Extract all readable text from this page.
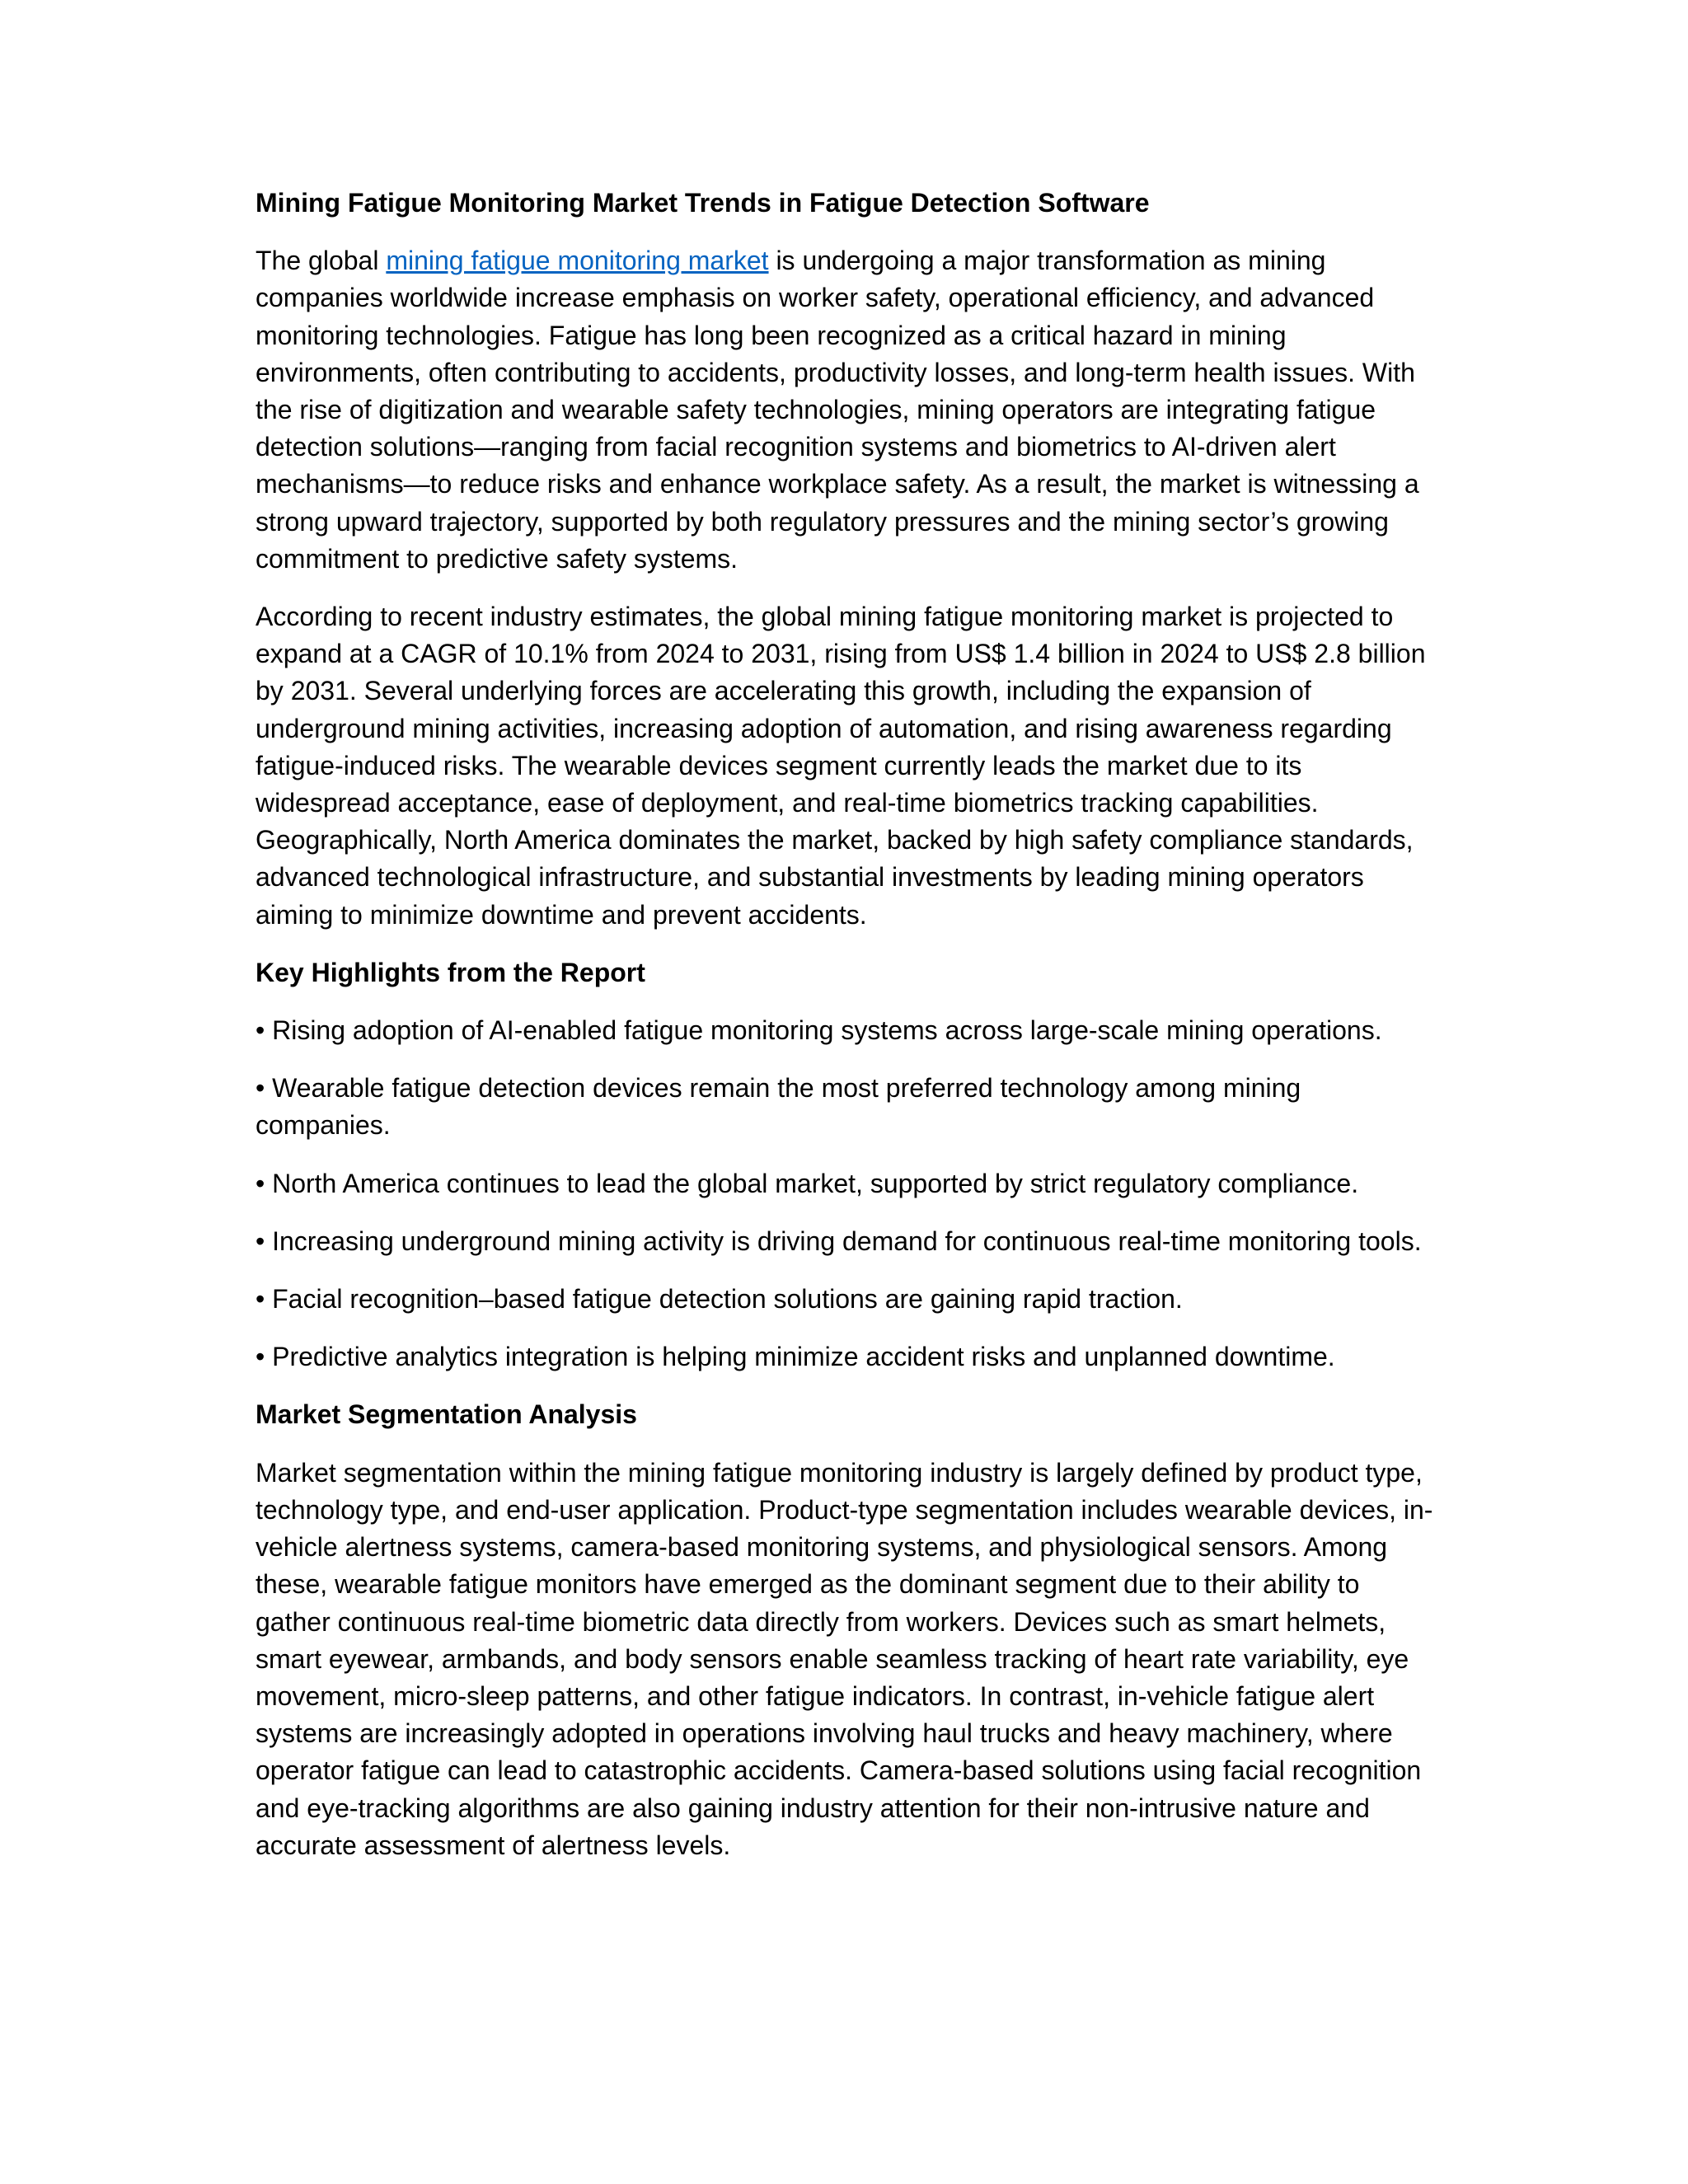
Mining Fatigue Monitoring Market Trends in Fatigue Detection Software

The global mining fatigue monitoring market is undergoing a major transformation as mining companies worldwide increase emphasis on worker safety, operational efficiency, and advanced monitoring technologies. Fatigue has long been recognized as a critical hazard in mining environments, often contributing to accidents, productivity losses, and long-term health issues. With the rise of digitization and wearable safety technologies, mining operators are integrating fatigue detection solutions—ranging from facial recognition systems and biometrics to AI-driven alert mechanisms—to reduce risks and enhance workplace safety. As a result, the market is witnessing a strong upward trajectory, supported by both regulatory pressures and the mining sector’s growing commitment to predictive safety systems.

According to recent industry estimates, the global mining fatigue monitoring market is projected to expand at a CAGR of 10.1% from 2024 to 2031, rising from US$ 1.4 billion in 2024 to US$ 2.8 billion by 2031. Several underlying forces are accelerating this growth, including the expansion of underground mining activities, increasing adoption of automation, and rising awareness regarding fatigue-induced risks. The wearable devices segment currently leads the market due to its widespread acceptance, ease of deployment, and real-time biometrics tracking capabilities. Geographically, North America dominates the market, backed by high safety compliance standards, advanced technological infrastructure, and substantial investments by leading mining operators aiming to minimize downtime and prevent accidents.

Key Highlights from the Report

• Rising adoption of AI-enabled fatigue monitoring systems across large-scale mining operations.

• Wearable fatigue detection devices remain the most preferred technology among mining companies.

• North America continues to lead the global market, supported by strict regulatory compliance.

• Increasing underground mining activity is driving demand for continuous real-time monitoring tools.

• Facial recognition–based fatigue detection solutions are gaining rapid traction.

• Predictive analytics integration is helping minimize accident risks and unplanned downtime.

Market Segmentation Analysis

Market segmentation within the mining fatigue monitoring industry is largely defined by product type, technology type, and end-user application. Product-type segmentation includes wearable devices, in-vehicle alertness systems, camera-based monitoring systems, and physiological sensors. Among these, wearable fatigue monitors have emerged as the dominant segment due to their ability to gather continuous real-time biometric data directly from workers. Devices such as smart helmets, smart eyewear, armbands, and body sensors enable seamless tracking of heart rate variability, eye movement, micro-sleep patterns, and other fatigue indicators. In contrast, in-vehicle fatigue alert systems are increasingly adopted in operations involving haul trucks and heavy machinery, where operator fatigue can lead to catastrophic accidents. Camera-based solutions using facial recognition and eye-tracking algorithms are also gaining industry attention for their non-intrusive nature and accurate assessment of alertness levels.
